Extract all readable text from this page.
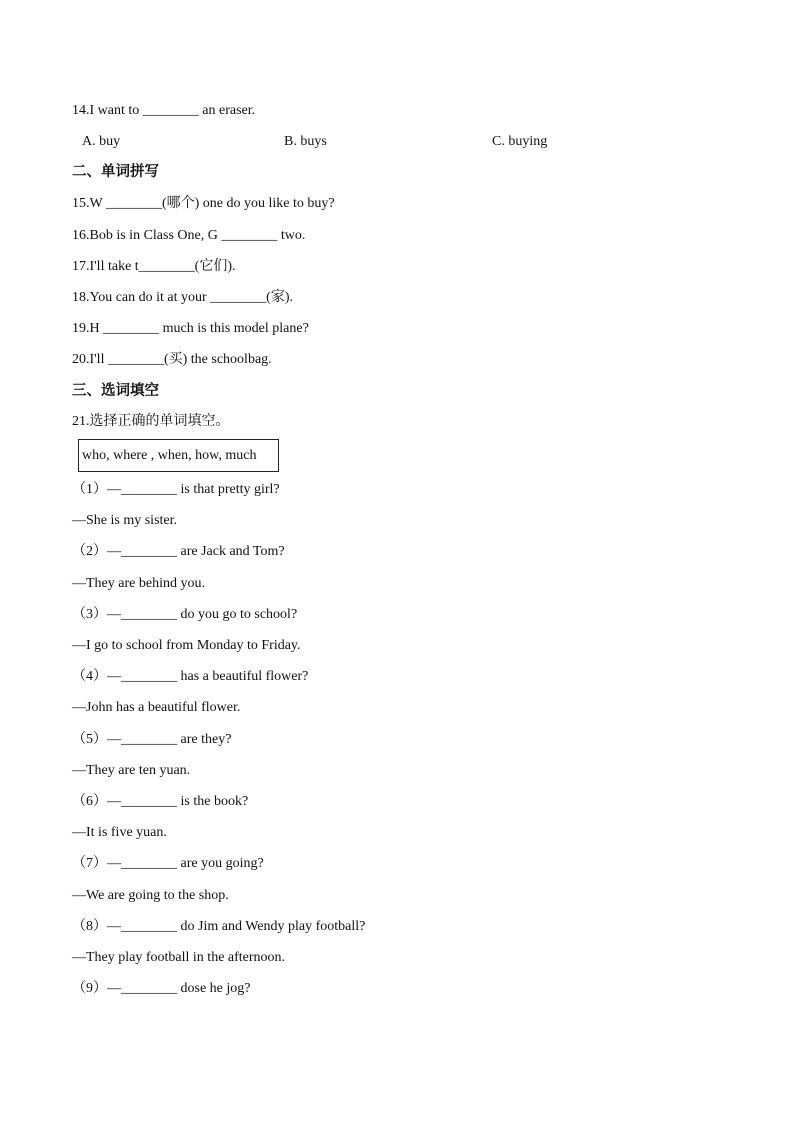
14.I want to ________ an eraser.
A. buy	B. buys	C. buying
二、单词拼写
15.W ________(哪个) one do you like to buy?
16.Bob is in Class One, G ________ two.
17.I'll take t________(它们).
18.You can do it at your ________(家).
19.H ________ much is this model plane?
20.I'll ________(买) the schoolbag.
三、选词填空
21.选择正确的单词填空。
who, where , when, how, much
（1）—________ is that pretty girl?
—She is my sister.
（2）—________ are Jack and Tom?
—They are behind you.
（3）—________ do you go to school?
—I go to school from Monday to Friday.
（4）—________ has a beautiful flower?
—John has a beautiful flower.
（5）—________ are they?
—They are ten yuan.
（6）—________ is the book?
—It is five yuan.
（7）—________ are you going?
—We are going to the shop.
（8）—________ do Jim and Wendy play football?
—They play football in the afternoon.
（9）—________ dose he jog?
